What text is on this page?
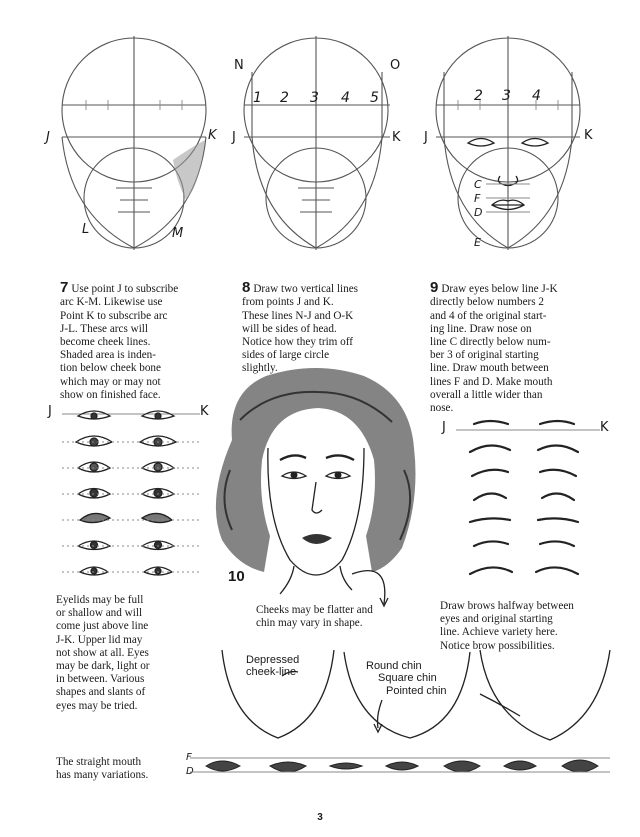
J	K
L	M
N	O
J	K
1 2 3 4 5
J	K
2 3 4
C
F
D
E

7 Use point J to subscribe
arc K-M. Likewise use
Point K to subscribe arc
J-L. These arcs will
become cheek lines.
Shaded area is inden-
tion below cheek bone
which may or may not
show on finished face.

8 Draw two vertical lines
from points J and K.
These lines N-J and O-K
will be sides of head.
Notice how they trim off
sides of large circle
slightly.

9 Draw eyes below line J-K
directly below numbers 2
and 4 of the original start-
ing line. Draw nose on
line C directly below num-
ber 3 of original starting
line. Draw mouth between
lines F and D. Make mouth
overall a little wider than
nose.

J	K
Eyelids may be full
or shallow and will
come just above line
J-K. Upper lid may
not show at all. Eyes
may be dark, light or
in between. Various
shapes and slants of
eyes may be tried.
10
J	K
Draw brows halfway between
eyes and original starting
line. Achieve variety here.
Notice brow possibilities.
Cheeks may be flatter and
chin may vary in shape.
Depressed
cheek-line	Round chin
Square chin
Pointed chin
The straight mouth
has many variations.
F
D
3
